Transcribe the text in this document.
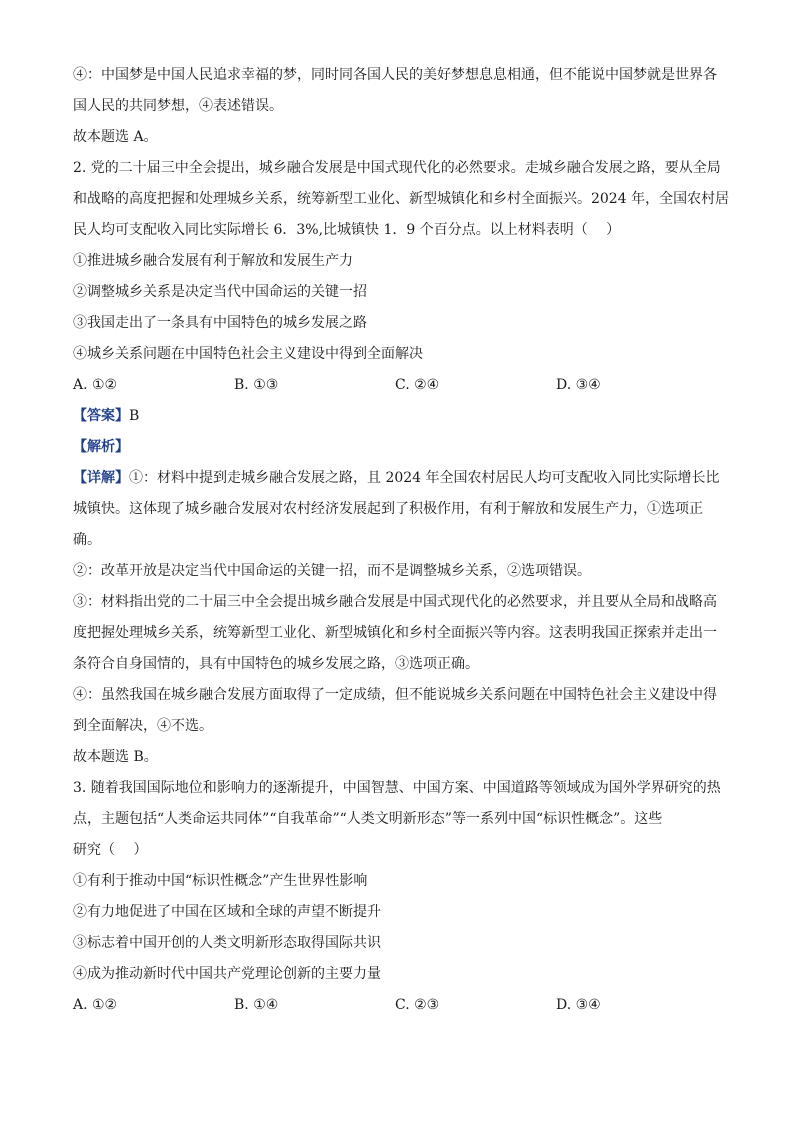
④：中国梦是中国人民追求幸福的梦，同时同各国人民的美好梦想息息相通，但不能说中国梦就是世界各
国人民的共同梦想，④表述错误。
故本题选 A。
2. 党的二十届三中全会提出，城乡融合发展是中国式现代化的必然要求。走城乡融合发展之路，要从全局
和战略的高度把握和处理城乡关系，统筹新型工业化、新型城镇化和乡村全面振兴。2024 年，全国农村居
民人均可支配收入同比实际增长 6．3%,比城镇快 1．9 个百分点。以上材料表明（　 ）
①推进城乡融合发展有利于解放和发展生产力
②调整城乡关系是决定当代中国命运的关键一招
③我国走出了一条具有中国特色的城乡发展之路
④城乡关系问题在中国特色社会主义建设中得到全面解决
A. ①②	B. ①③	C. ②④	D. ③④
【答案】B
【解析】
【详解】①：材料中提到走城乡融合发展之路，且 2024 年全国农村居民人均可支配收入同比实际增长比
城镇快。这体现了城乡融合发展对农村经济发展起到了积极作用，有利于解放和发展生产力，①选项正
确。
②：改革开放是决定当代中国命运的关键一招，而不是调整城乡关系，②选项错误。
③：材料指出党的二十届三中全会提出城乡融合发展是中国式现代化的必然要求，并且要从全局和战略高
度把握处理城乡关系，统筹新型工业化、新型城镇化和乡村全面振兴等内容。这表明我国正探索并走出一
条符合自身国情的，具有中国特色的城乡发展之路，③选项正确。
④：虽然我国在城乡融合发展方面取得了一定成绩，但不能说城乡关系问题在中国特色社会主义建设中得
到全面解决，④不选。
故本题选 B。
3. 随着我国国际地位和影响力的逐渐提升，中国智慧、中国方案、中国道路等领域成为国外学界研究的热
点，主题包括“人类命运共同体”“自我革命”“人类文明新形态”等一系列中国“标识性概念”。这些
研究（　 ）
①有利于推动中国“标识性概念”产生世界性影响
②有力地促进了中国在区域和全球的声望不断提升
③标志着中国开创的人类文明新形态取得国际共识
④成为推动新时代中国共产党理论创新的主要力量
A. ①②	B. ①④	C. ②③	D. ③④
